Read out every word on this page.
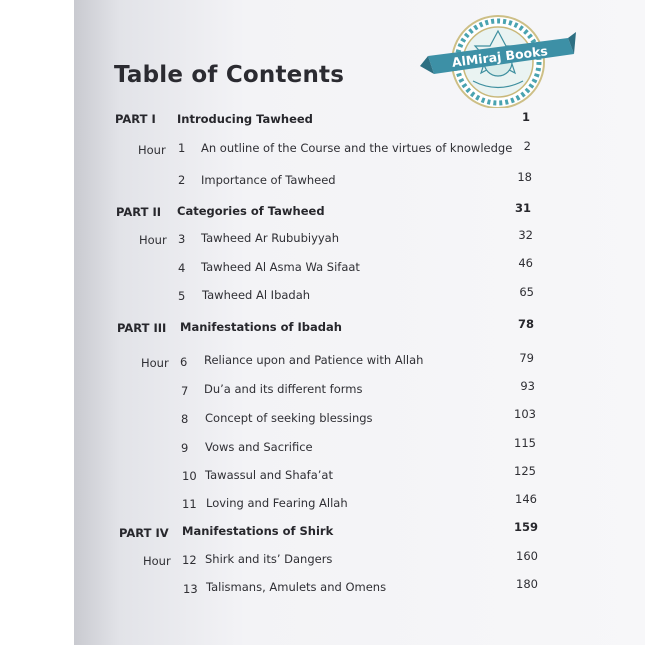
AlMiraj Books
Table of Contents
PART I Introducing Tawheed	1
Hour 1 An outline of the Course and the virtues of knowledge 2
2 Importance of Tawheed	18
PART II Categories of Tawheed	31
Hour 3 Tawheed Ar Rububiyyah	32
4 Tawheed Al Asma Wa Sifaat	46
5 Tawheed Al Ibadah	65
PART III Manifestations of Ibadah	78
Hour 6 Reliance upon and Patience with Allah	79
7 Du’a and its different forms	93
8 Concept of seeking blessings	103
9 Vows and Sacrifice	115
10 Tawassul and Shafa’at	125
11 Loving and Fearing Allah	146
PART IV Manifestations of Shirk	159
Hour 12 Shirk and its’ Dangers	160
13 Talismans, Amulets and Omens	180
